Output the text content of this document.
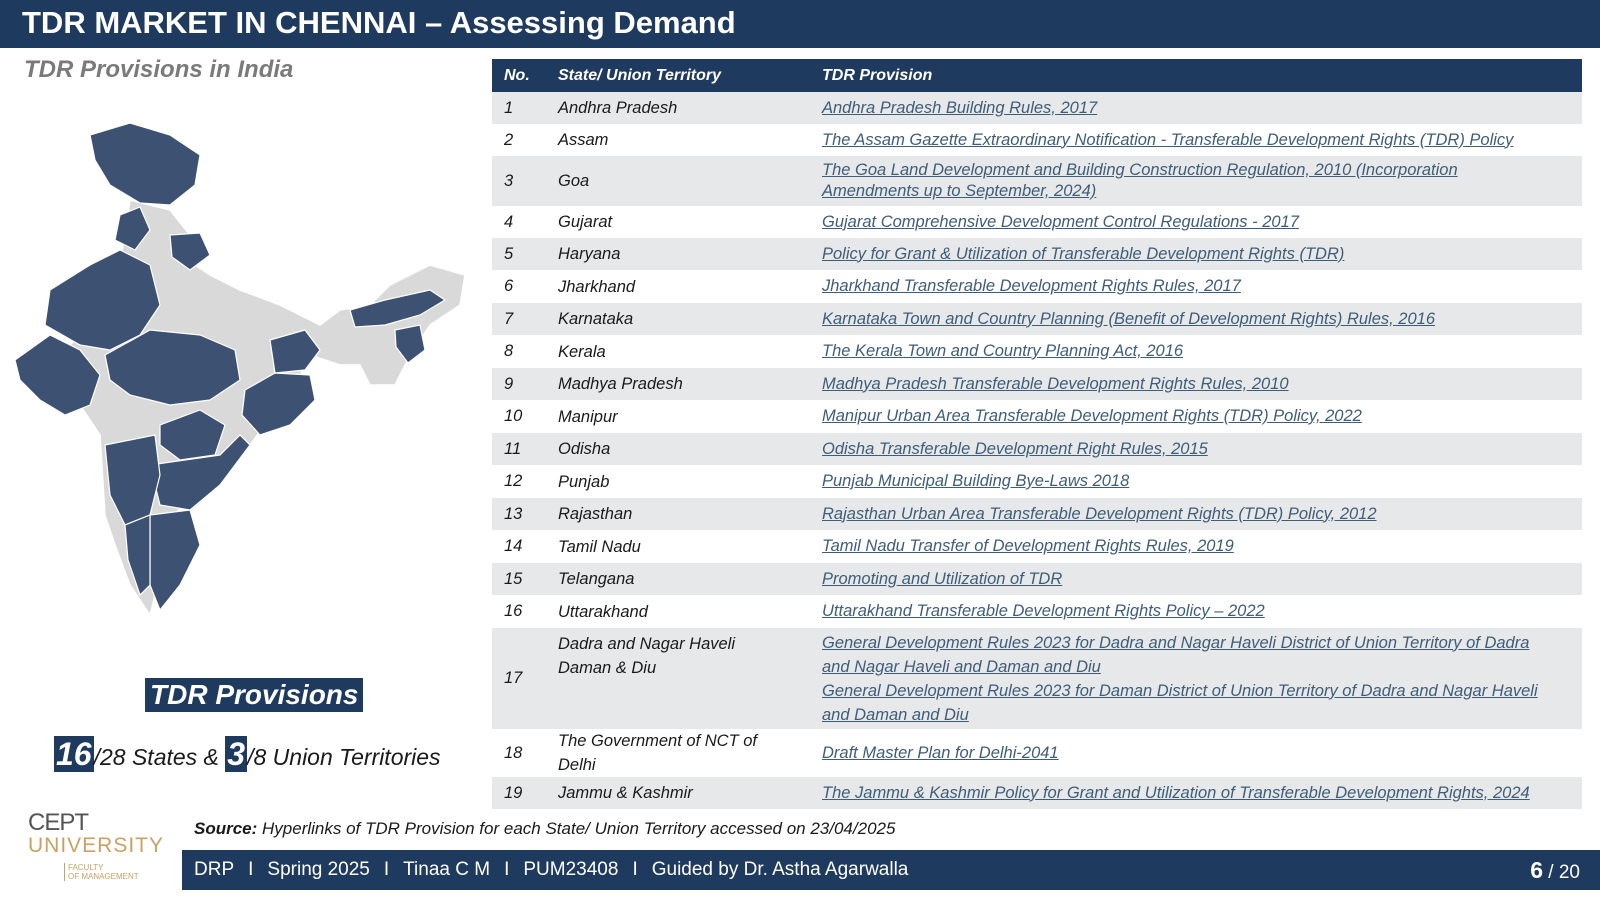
TDR MARKET IN CHENNAI – Assessing Demand
TDR Provisions in India
TDR Provisions
16/28 States & 3/8 Union Territories
No.	State/ Union Territory	TDR Provision
1	Andhra Pradesh	Andhra Pradesh Building Rules, 2017

2	Assam	The Assam Gazette Extraordinary Notification - Transferable Development Rights (TDR) Policy

3	Goa	The Goa Land Development and Building Construction Regulation, 2010 (Incorporation
Amendments up to September, 2024)

4	Gujarat	Gujarat Comprehensive Development Control Regulations - 2017

5	Haryana	Policy for Grant & Utilization of Transferable Development Rights (TDR)

6	Jharkhand	Jharkhand Transferable Development Rights Rules, 2017

7	Karnataka	Karnataka Town and Country Planning (Benefit of Development Rights) Rules, 2016

8	Kerala	The Kerala Town and Country Planning Act, 2016

9	Madhya Pradesh	Madhya Pradesh Transferable Development Rights Rules, 2010

10	Manipur	Manipur Urban Area Transferable Development Rights (TDR) Policy, 2022

11	Odisha	Odisha Transferable Development Right Rules, 2015

12	Punjab	Punjab Municipal Building Bye-Laws 2018

13	Rajasthan	Rajasthan Urban Area Transferable Development Rights (TDR) Policy, 2012

14	Tamil Nadu	Tamil Nadu Transfer of Development Rights Rules, 2019

15	Telangana	Promoting and Utilization of TDR

16	Uttarakhand	Uttarakhand Transferable Development Rights Policy – 2022

17	Dadra and Nagar Haveli
Daman & Diu	General Development Rules 2023 for Dadra and Nagar Haveli District of Union Territory of Dadra
and Nagar Haveli and Daman and Diu
General Development Rules 2023 for Daman District of Union Territory of Dadra and Nagar Haveli
and Daman and Diu

18	The Government of NCT of Delhi	Draft Master Plan for Delhi-2041

19	Jammu & Kashmir	The Jammu & Kashmir Policy for Grant and Utilization of Transferable Development Rights, 2024
Source: Hyperlinks of TDR Provision for each State/ Union Territory accessed on 23/04/2025
CEPT
UNIVERSITY
FACULTY
OF MANAGEMENT	DRP I Spring 2025 I Tinaa C M I PUM23408 I Guided by Dr. Astha Agarwalla	6 / 20
